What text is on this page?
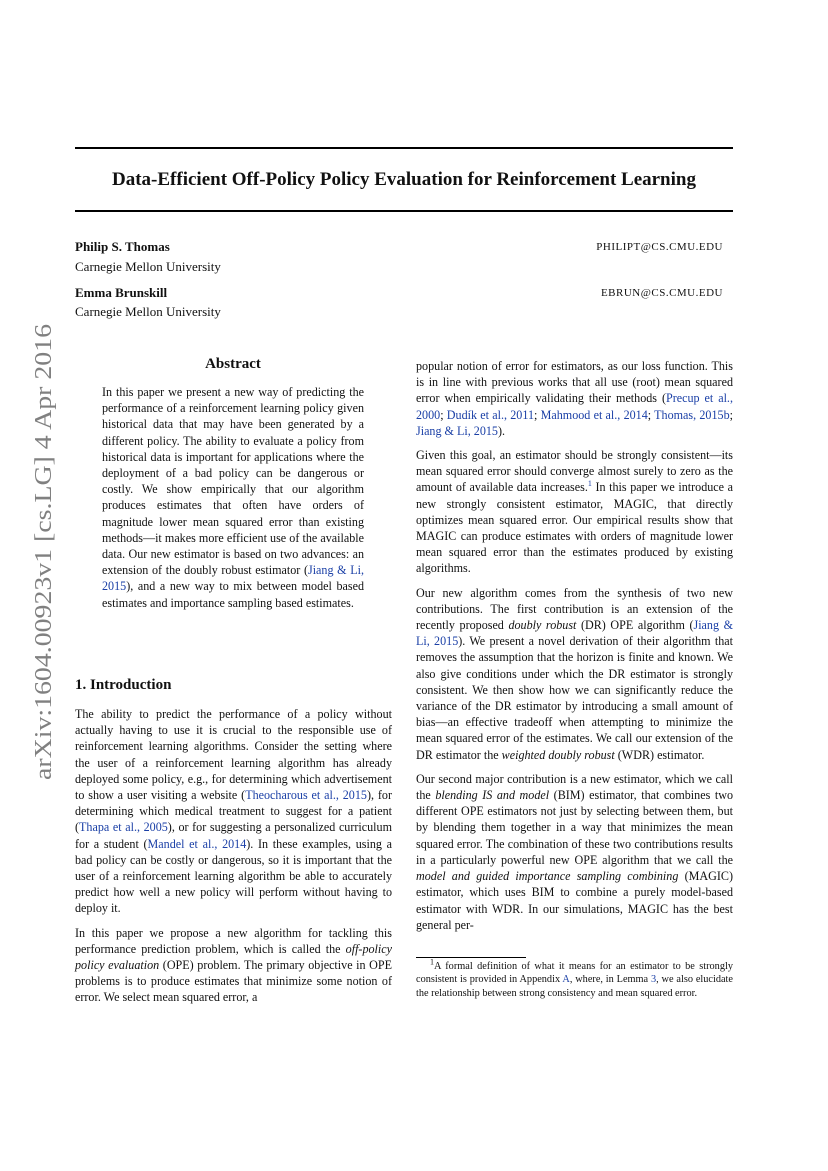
arXiv:1604.00923v1 [cs.LG] 4 Apr 2016
Data-Efficient Off-Policy Policy Evaluation for Reinforcement Learning
Philip S. Thomas	PHILIPT@CS.CMU.EDU
Carnegie Mellon University
Emma Brunskill	EBRUN@CS.CMU.EDU
Carnegie Mellon University
Abstract
In this paper we present a new way of predicting the performance of a reinforcement learning policy given historical data that may have been generated by a different policy. The ability to evaluate a policy from historical data is important for applications where the deployment of a bad policy can be dangerous or costly. We show empirically that our algorithm produces estimates that often have orders of magnitude lower mean squared error than existing methods—it makes more efficient use of the available data. Our new estimator is based on two advances: an extension of the doubly robust estimator (Jiang & Li, 2015), and a new way to mix between model based estimates and importance sampling based estimates.
1. Introduction

The ability to predict the performance of a policy without actually having to use it is crucial to the responsible use of reinforcement learning algorithms. Consider the setting where the user of a reinforcement learning algorithm has already deployed some policy, e.g., for determining which advertisement to show a user visiting a website (Theocharous et al., 2015), for determining which medical treatment to suggest for a patient (Thapa et al., 2005), or for suggesting a personalized curriculum for a student (Mandel et al., 2014). In these examples, using a bad policy can be costly or dangerous, so it is important that the user of a reinforcement learning algorithm be able to accurately predict how well a new policy will perform without having to deploy it.

In this paper we propose a new algorithm for tackling this performance prediction problem, which is called the off-policy policy evaluation (OPE) problem. The primary objective in OPE problems is to produce estimates that minimize some notion of error. We select mean squared error, a

popular notion of error for estimators, as our loss function. This is in line with previous works that all use (root) mean squared error when empirically validating their methods (Precup et al., 2000; Dudík et al., 2011; Mahmood et al., 2014; Thomas, 2015b; Jiang & Li, 2015).

Given this goal, an estimator should be strongly consistent—its mean squared error should converge almost surely to zero as the amount of available data increases.$^1$ In this paper we introduce a new strongly consistent estimator, MAGIC, that directly optimizes mean squared error. Our empirical results show that MAGIC can produce estimates with orders of magnitude lower mean squared error than the estimates produced by existing algorithms.

Our new algorithm comes from the synthesis of two new contributions. The first contribution is an extension of the recently proposed doubly robust (DR) OPE algorithm (Jiang & Li, 2015). We present a novel derivation of their algorithm that removes the assumption that the horizon is finite and known. We also give conditions under which the DR estimator is strongly consistent. We then show how we can significantly reduce the variance of the DR estimator by introducing a small amount of bias—an effective tradeoff when attempting to minimize the mean squared error of the estimates. We call our extension of the DR estimator the weighted doubly robust (WDR) estimator.

Our second major contribution is a new estimator, which we call the blending IS and model (BIM) estimator, that combines two different OPE estimators not just by selecting between them, but by blending them together in a way that minimizes the mean squared error. The combination of these two contributions results in a particularly powerful new OPE algorithm that we call the model and guided importance sampling combining (MAGIC) estimator, which uses BIM to combine a purely model-based estimator with WDR. In our simulations, MAGIC has the best general per-

$^1$A formal definition of what it means for an estimator to be strongly consistent is provided in Appendix A, where, in Lemma 3, we also elucidate the relationship between strong consistency and mean squared error.
